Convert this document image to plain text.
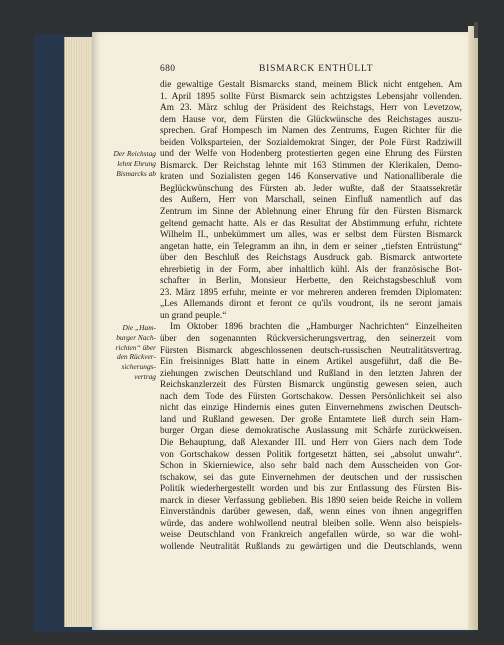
680	BISMARCK ENTHÜLLT
Der Reichstag
lehnt Ehrung
Bismarcks ab
Die „Ham-
burger Nach-
richten“ über
den Rückver-
sicherungs-
vertrag
die gewaltige Gestalt Bismarcks stand, meinem Blick nicht entgehen. Am
1. April 1895 sollte Fürst Bismarck sein achtzigstes Lebensjahr vollenden.
Am 23. März schlug der Präsident des Reichstags, Herr von Levetzow,
dem Hause vor, dem Fürsten die Glückwünsche des Reichstages auszu-
sprechen. Graf Hompesch im Namen des Zentrums, Eugen Richter für die
beiden Volksparteien, der Sozialdemokrat Singer, der Pole Fürst Radziwill
und der Welfe von Hodenberg protestierten gegen eine Ehrung des Fürsten
Bismarck. Der Reichstag lehnte mit 163 Stimmen der Klerikalen, Demo-
kraten und Sozialisten gegen 146 Konservative und Nationalliberale die
Beglückwünschung des Fürsten ab. Jeder wußte, daß der Staatssekretär
des Äußern, Herr von Marschall, seinen Einfluß namentlich auf das
Zentrum im Sinne der Ablehnung einer Ehrung für den Fürsten Bismarck
geltend gemacht hatte. Als er das Resultat der Abstimmung erfuhr, richtete
Wilhelm II., unbekümmert um alles, was er selbst dem Fürsten Bismarck
angetan hatte, ein Telegramm an ihn, in dem er seiner „tiefsten Entrüstung“
über den Beschluß des Reichstags Ausdruck gab. Bismarck antwortete
ehrerbietig in der Form, aber inhaltlich kühl. Als der französische Bot-
schafter in Berlin, Monsieur Herbette, den Reichstagsbeschluß vom
23. März 1895 erfuhr, meinte er vor mehreren anderen fremden Diplomaten:
„Les Allemands diront et feront ce qu'ils voudront, ils ne seront jamais
un grand peuple.“
Im Oktober 1896 brachten die „Hamburger Nachrichten“ Einzelheiten
über den sogenannten Rückversicherungsvertrag, den seinerzeit vom
Fürsten Bismarck abgeschlossenen deutsch-russischen Neutralitätsvertrag.
Ein freisinniges Blatt hatte in einem Artikel ausgeführt, daß die Be-
ziehungen zwischen Deutschland und Rußland in den letzten Jahren der
Reichskanzlerzeit des Fürsten Bismarck ungünstig gewesen seien, auch
nach dem Tode des Fürsten Gortschakow. Dessen Persönlichkeit sei also
nicht das einzige Hindernis eines guten Einvernehmens zwischen Deutsch-
land und Rußland gewesen. Der große Entamtete ließ durch sein Ham-
burger Organ diese demokratische Auslassung mit Schärfe zurückweisen.
Die Behauptung, daß Alexander III. und Herr von Giers nach dem Tode
von Gortschakow dessen Politik fortgesetzt hätten, sei „absolut unwahr“.
Schon in Skierniewice, also sehr bald nach dem Ausscheiden von Gor-
tschakow, sei das gute Einvernehmen der deutschen und der russischen
Politik wiederhergestellt worden und bis zur Entlassung des Fürsten Bis-
marck in dieser Verfassung geblieben. Bis 1890 seien beide Reiche in vollem
Einverständnis darüber gewesen, daß, wenn eines von ihnen angegriffen
würde, das andere wohlwollend neutral bleiben solle. Wenn also beispiels-
weise Deutschland von Frankreich angefallen würde, so war die wohl-
wollende Neutralität Rußlands zu gewärtigen und die Deutschlands, wenn
